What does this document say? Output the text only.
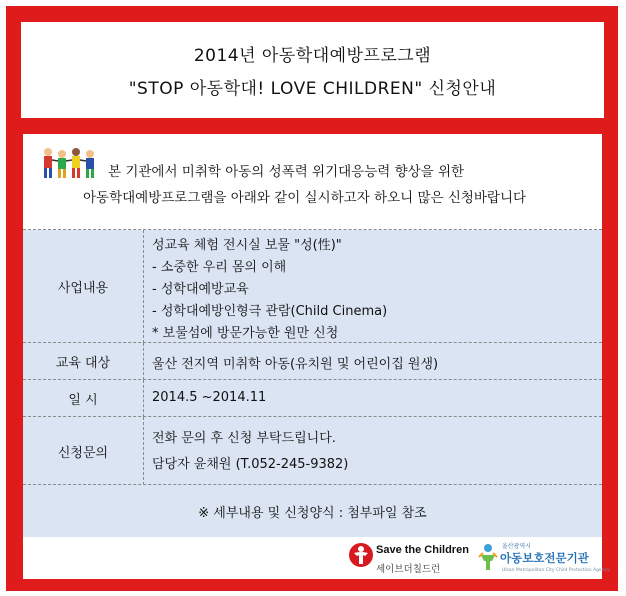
2014년 아동학대예방프로그램
"STOP 아동학대! LOVE CHILDREN" 신청안내
본 기관에서 미취학 아동의 성폭력 위기대응능력 향상을 위한
아동학대예방프로그램을 아래와 같이 실시하고자 하오니 많은 신청바랍니다
사업내용
성교육 체험 전시실 보물 "성(性)"
- 소중한 우리 몸의 이해
- 성학대예방교육
- 성학대예방인형극 관람(Child Cinema)
* 보물섬에 방문가능한 원만 신청
교육 대상	울산 전지역 미취학 아동(유치원 및 어린이집 원생)
일 시	2014.5 ~2014.11
신청문의
전화 문의 후 신청 부탁드립니다.
담당자 윤채원 (T.052-245-9382)
※ 세부내용 및 신청양식 : 첨부파일 참조
Save the Children
세이브더칠드런
울산광역시
아동보호전문기관
Ulsan Metropolitan City Child Protection Agency
